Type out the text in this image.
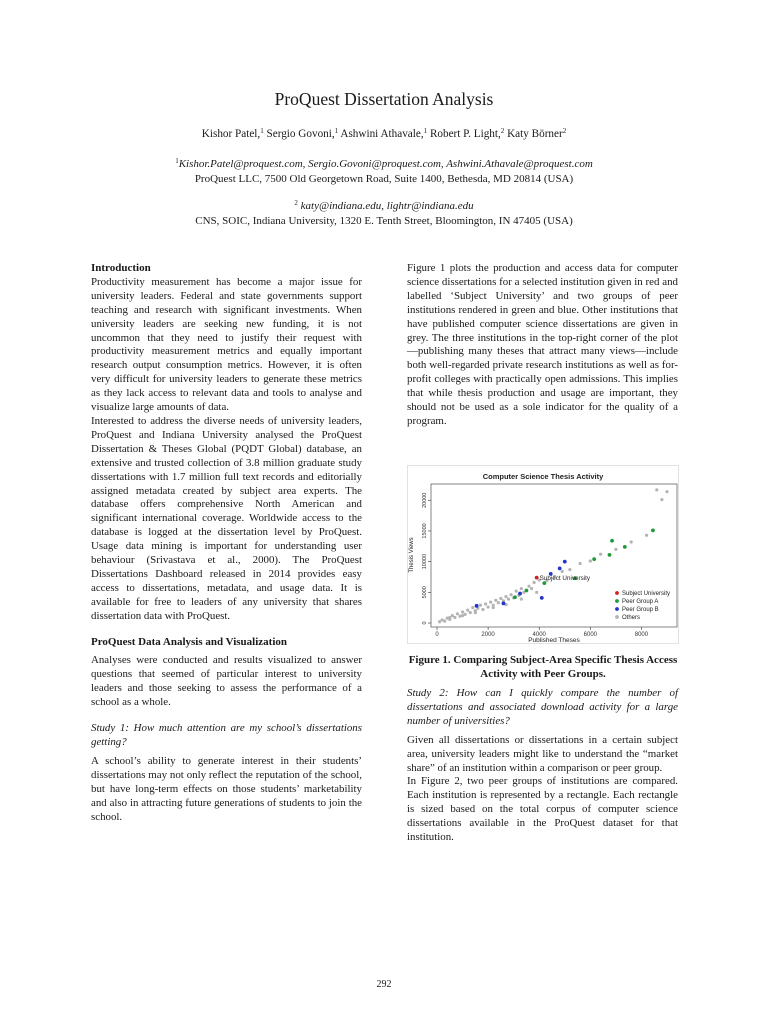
ProQuest Dissertation Analysis
Kishor Patel,$^1$ Sergio Govoni,$^1$ Ashwini Athavale,$^1$ Robert P. Light,$^2$ Katy Börner$^2$
$^1$Kishor.Patel@proquest.com, Sergio.Govoni@proquest.com, Ashwini.Athavale@proquest.com
ProQuest LLC, 7500 Old Georgetown Road, Suite 1400, Bethesda, MD 20814 (USA)
$^2$ katy@indiana.edu, lightr@indiana.edu
CNS, SOIC, Indiana University, 1320 E. Tenth Street, Bloomington, IN 47405 (USA)
Introduction

Productivity measurement has become a major issue for university leaders. Federal and state governments support teaching and research with significant investments. When university leaders are seeking new funding, it is not uncommon that they need to justify their request with productivity measurement metrics and equally important research output consumption metrics. However, it is often very difficult for university leaders to generate these metrics as they lack access to relevant data and tools to analyse and visualize large amounts of data.

Interested to address the diverse needs of university leaders, ProQuest and Indiana University analysed the ProQuest Dissertation & Theses Global (PQDT Global) database, an extensive and trusted collection of 3.8 million graduate study dissertations with 1.7 million full text records and editorially assigned metadata created by subject area experts. The database offers comprehensive North American and significant international coverage. Worldwide access to the database is logged at the dissertation level by ProQuest. Usage data mining is important for understanding user behaviour (Srivastava et al., 2000). The ProQuest Dissertations Dashboard released in 2014 provides easy access to dissertations, metadata, and usage data. It is available for free to leaders of any university that shares dissertation data with ProQuest.

ProQuest Data Analysis and Visualization

Analyses were conducted and results visualized to answer questions that seemed of particular interest to university leaders and those seeking to assess the performance of a school as a whole.

Study 1: How much attention are my school’s dissertations getting?

A school’s ability to generate interest in their students’ dissertations may not only reflect the reputation of the school, but have long-term effects on those students’ marketability and also in attracting future generations of students to join the school.

Figure 1 plots the production and access data for computer science dissertations for a selected institution given in red and labelled ‘Subject University’ and two groups of peer institutions rendered in green and blue. Other institutions that have published computer science dissertations are given in grey. The three institutions in the top-right corner of the plot—publishing many theses that attract many views—include both well-regarded private research institutions as well as for-profit colleges with practically open admissions. This implies that while thesis production and usage are important, they should not be used as a sole indicator for the quality of a program.

Computer Science Thesis Activity
0	2000	4000	6000	8000
0
5000
10000
15000
20000
Published Theses
Thesis Views
Subject University
Subject University
Peer Group A
Peer Group B
Others
Figure 1. Comparing Subject-Area Specific Thesis Access Activity with Peer Groups.

Study 2: How can I quickly compare the number of dissertations and associated download activity for a large number of universities?

Given all dissertations or dissertations in a certain subject area, university leaders might like to understand the “market share” of an institution within a comparison or peer group.

In Figure 2, two peer groups of institutions are compared. Each institution is represented by a rectangle. Each rectangle is sized based on the total corpus of computer science dissertations available in the ProQuest dataset for that institution.

292
